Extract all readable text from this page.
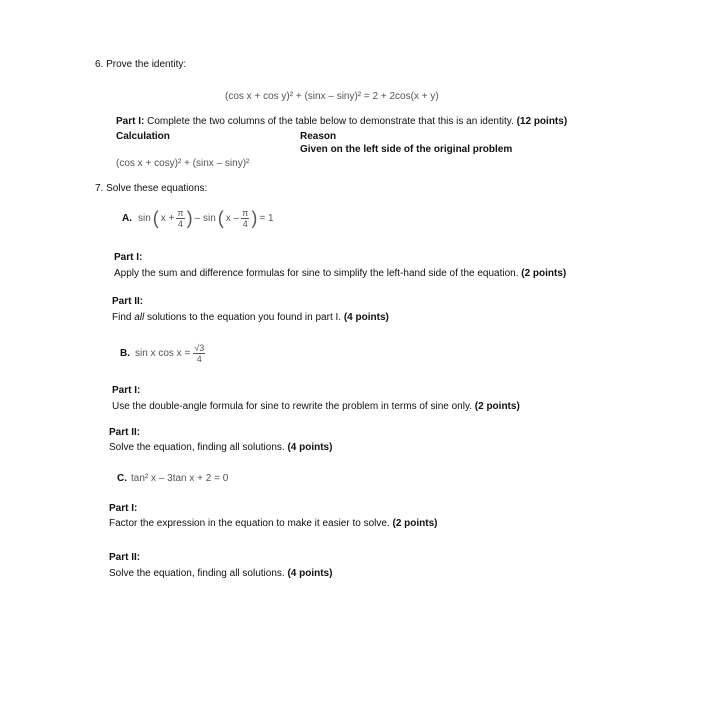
6. Prove the identity:
(cos x + cos y)² + (sinx – siny)² = 2 + 2cos(x + y)
Part I: Complete the two columns of the table below to demonstrate that this is an identity. (12 points)
Calculation	Reason
Given on the left side of the original problem
(cos x + cosy)² + (sinx – siny)²
7. Solve these equations:
A. sin ( $x + \frac{\pi}{4}$ ) – sin ( x – $\frac{\pi}{4}$ ) = 1
Part I:
Apply the sum and difference formulas for sine to simplify the left-hand side of the equation. (2 points)
Part II:
Find all solutions to the equation you found in part I. (4 points)
B. sin x $\cos x = \frac{√3}{4}$
Part I:
Use the double-angle formula for sine to rewrite the problem in terms of sine only. (2 points)
Part II:
Solve the equation, finding all solutions. (4 points)
C. tan² x – 3tan x + 2 = 0
Part I:
Factor the expression in the equation to make it easier to solve. (2 points)
Part II:
Solve the equation, finding all solutions. (4 points)
